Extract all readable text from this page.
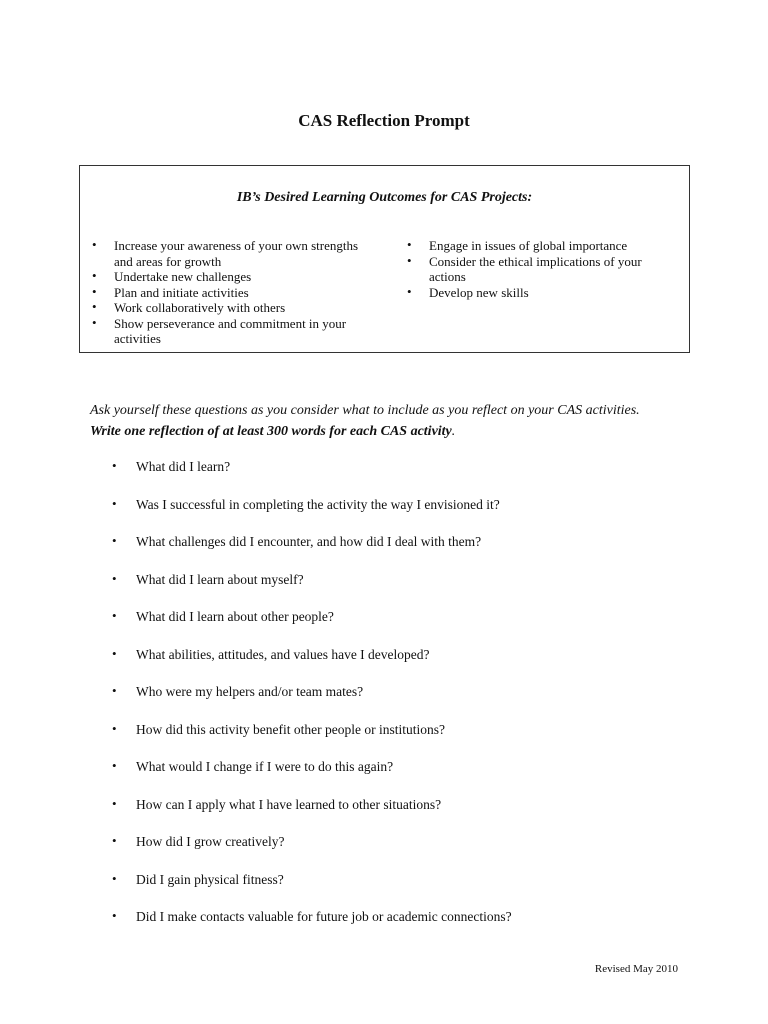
CAS Reflection Prompt
IB’s Desired Learning Outcomes for CAS Projects:
• Increase your awareness of your own strengths and areas for growth
• Undertake new challenges
• Plan and initiate activities
• Work collaboratively with others
• Show perseverance and commitment in your activities
• Engage in issues of global importance
• Consider the ethical implications of your actions
• Develop new skills
Ask yourself these questions as you consider what to include as you reflect on your CAS activities. Write one reflection of at least 300 words for each CAS activity.
• What did I learn?
• Was I successful in completing the activity the way I envisioned it?
• What challenges did I encounter, and how did I deal with them?
• What did I learn about myself?
• What did I learn about other people?
• What abilities, attitudes, and values have I developed?
• Who were my helpers and/or team mates?
• How did this activity benefit other people or institutions?
• What would I change if I were to do this again?
• How can I apply what I have learned to other situations?
• How did I grow creatively?
• Did I gain physical fitness?
• Did I make contacts valuable for future job or academic connections?
Revised May 2010
